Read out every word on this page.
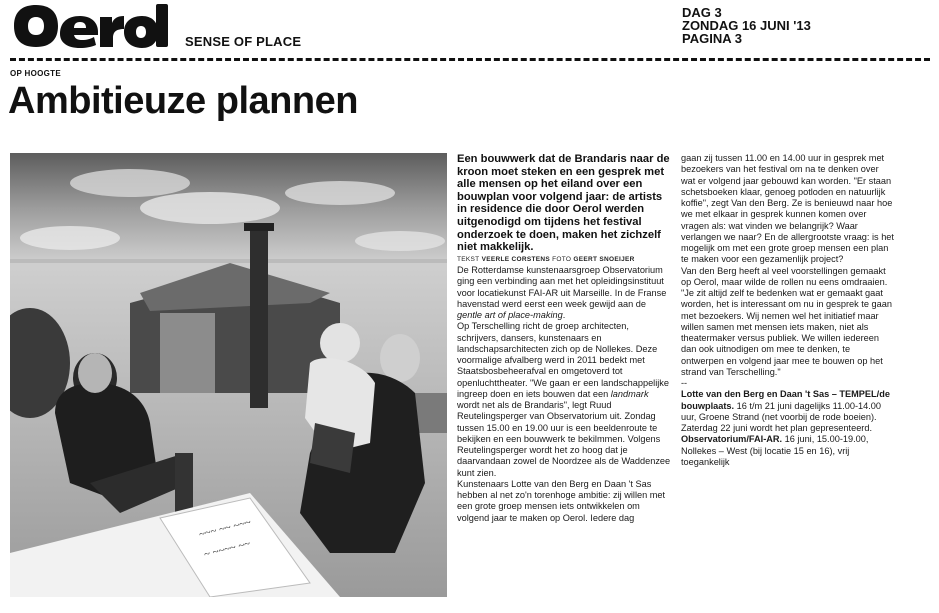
SENSE OF PLACE
DAG 3
ZONDAG 16 JUNI '13
PAGINA 3
OP HOOGTE
Ambitieuze plannen
~~~ ~~ ~~~
~ ~~~~ ~~

Een bouwwerk dat de Brandaris naar de kroon moet steken en een gesprek met alle mensen op het eiland over een bouwplan voor volgend jaar: de artists in residence die door Oerol werden uitgenodigd om tijdens het festival onderzoek te doen, maken het zichzelf niet makkelijk.

TEKST VEERLE CORSTENS FOTO GEERT SNOEIJER

De Rotterdamse kunstenaarsgroep Observatorium ging een verbinding aan met het opleidingsinstituut voor locatiekunst FAI-AR uit Marseille. In de Franse havenstad werd eerst een week gewijd aan de gentle art of place-making.

Op Terschelling richt de groep architecten, schrijvers, dansers, kunstenaars en landschapsarchitecten zich op de Nollekes. Deze voormalige afvalberg werd in 2011 bedekt met Staatsbosbeheerafval en omgetoverd tot openluchttheater. "We gaan er een landschappelijke ingreep doen en iets bouwen dat een landmark wordt net als de Brandaris", legt Ruud Reutelingsperger van Observatorium uit. Zondag tussen 15.00 en 19.00 uur is een beeldenroute te bekijken en een bouwwerk te bekilmmen. Volgens Reutelingsperger wordt het zo hoog dat je daarvandaan zowel de Noordzee als de Waddenzee kunt zien.

Kunstenaars Lotte van den Berg en Daan 't Sas hebben al net zo'n torenhoge ambitie: zij willen met een grote groep mensen iets ontwikkelen om volgend jaar te maken op Oerol. Iedere dag

gaan zij tussen 11.00 en 14.00 uur in gesprek met bezoekers van het festival om na te denken over wat er volgend jaar gebouwd kan worden. "Er staan schetsboeken klaar, genoeg potloden en natuurlijk koffie", zegt Van den Berg. Ze is benieuwd naar hoe we met elkaar in gesprek kunnen komen over vragen als: wat vinden we belangrijk? Waar verlangen we naar? En de allergrootste vraag: is het mogelijk om met een grote groep mensen een plan te maken voor een gezamenlijk project?

Van den Berg heeft al veel voorstellingen gemaakt op Oerol, maar wilde de rollen nu eens omdraaien. "Je zit altijd zelf te bedenken wat er gemaakt gaat worden, het is interessant om nu in gesprek te gaan met bezoekers. Wij nemen wel het initiatief maar willen samen met mensen iets maken, niet als theatermaker versus publiek. We willen iedereen dan ook uitnodigen om mee te denken, te ontwerpen en volgend jaar mee te bouwen op het strand van Terschelling."

--

Lotte van den Berg en Daan 't Sas – TEMPEL/de bouwplaats. 16 t/m 21 juni dagelijks 11.00-14.00 uur, Groene Strand (net voorbij de rode boeien). Zaterdag 22 juni wordt het plan gepresenteerd.

Observatorium/FAI-AR. 16 juni, 15.00-19.00, Nollekes – West (bij locatie 15 en 16), vrij toegankelijk
